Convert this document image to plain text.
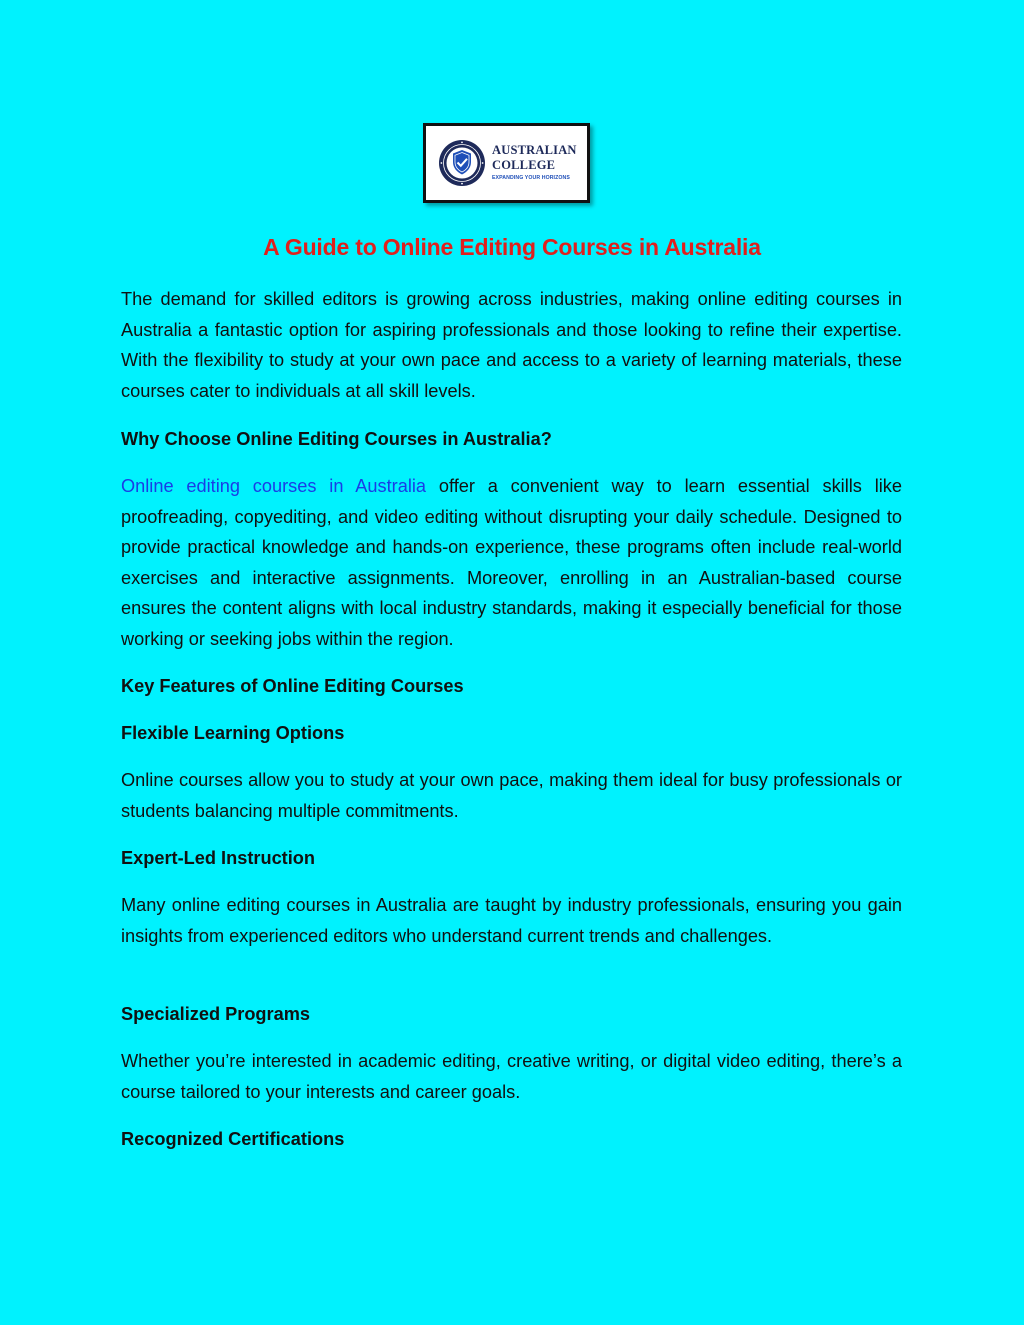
AUSTRALIAN
COLLEGE
EXPANDING YOUR HORIZONS
A Guide to Online Editing Courses in Australia

The demand for skilled editors is growing across industries, making online editing courses in Australia a fantastic option for aspiring professionals and those looking to refine their expertise. With the flexibility to study at your own pace and access to a variety of learning materials, these courses cater to individuals at all skill levels.

Why Choose Online Editing Courses in Australia?

Online editing courses in Australia offer a convenient way to learn essential skills like proofreading, copyediting, and video editing without disrupting your daily schedule. Designed to provide practical knowledge and hands-on experience, these programs often include real-world exercises and interactive assignments. Moreover, enrolling in an Australian-based course ensures the content aligns with local industry standards, making it especially beneficial for those working or seeking jobs within the region.

Key Features of Online Editing Courses
Flexible Learning Options

Online courses allow you to study at your own pace, making them ideal for busy professionals or students balancing multiple commitments.

Expert-Led Instruction

Many online editing courses in Australia are taught by industry professionals, ensuring you gain insights from experienced editors who understand current trends and challenges.

Specialized Programs

Whether you’re interested in academic editing, creative writing, or digital video editing, there’s a course tailored to your interests and career goals.

Recognized Certifications
